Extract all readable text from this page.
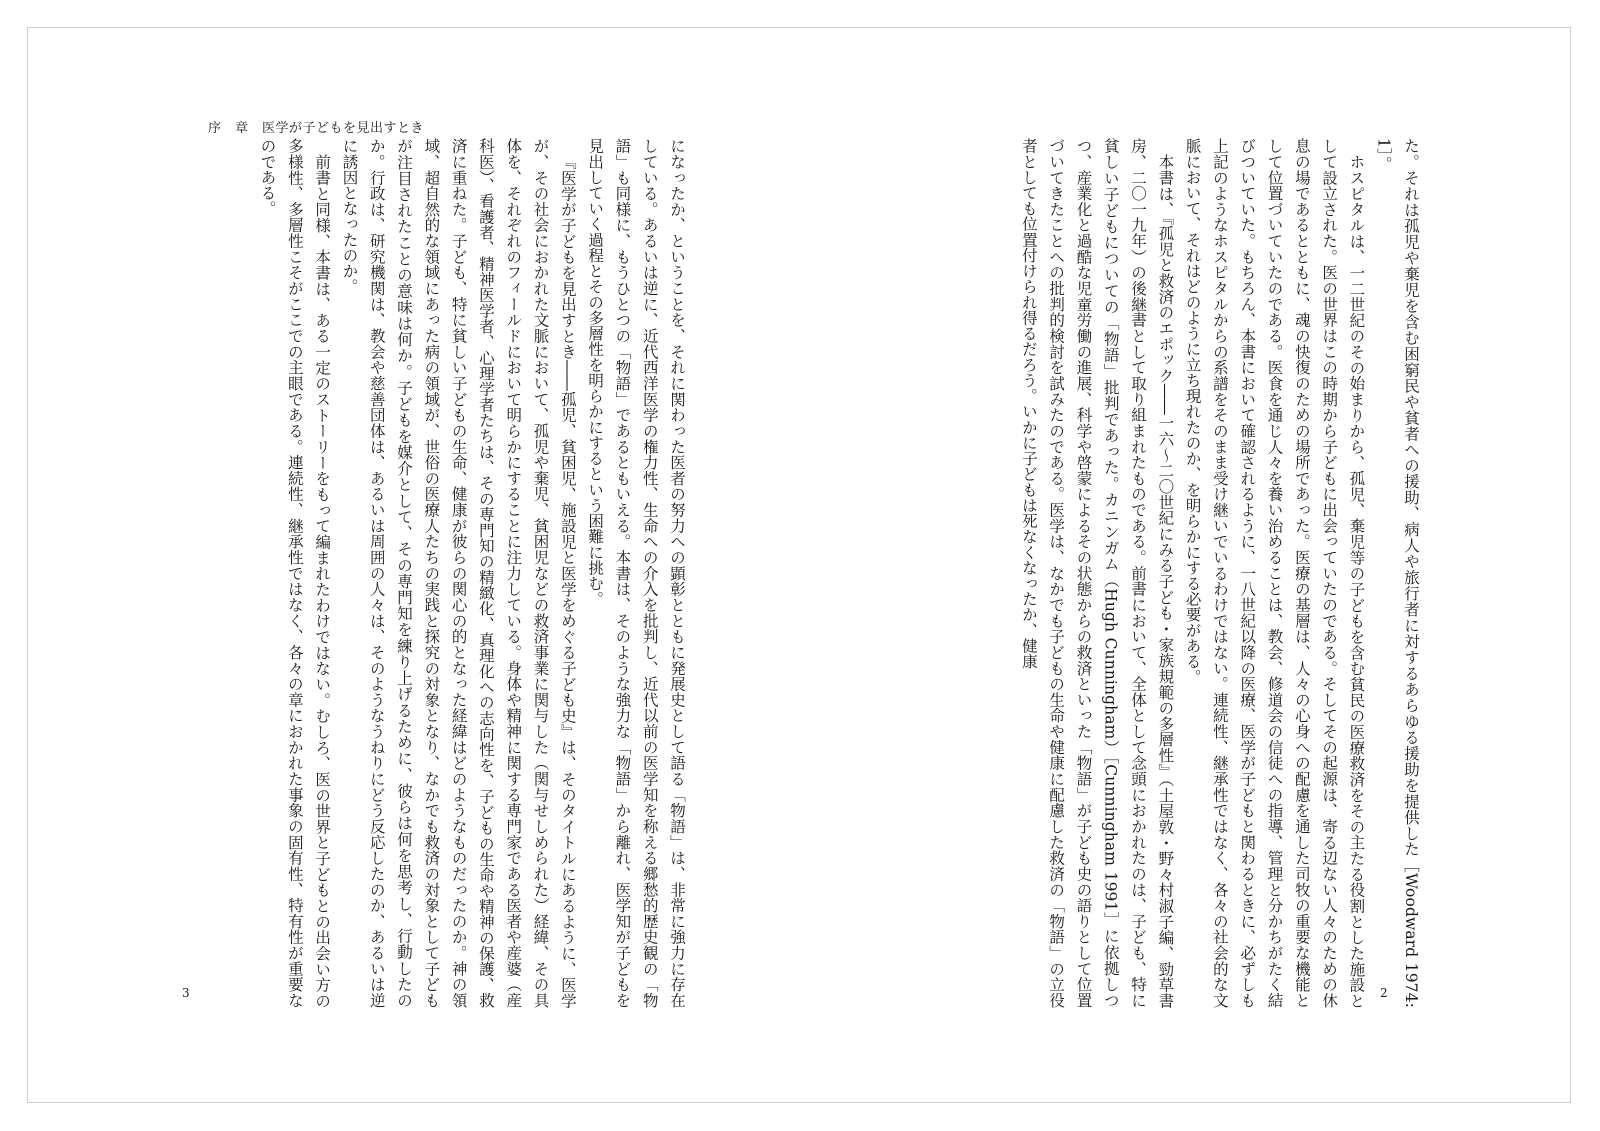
序　章　医学が子どもを見出すとき

になったか、ということを、それに関わった医者の努力への顕彰とともに発展史として語る「物語」は、非常に強力に存在している。あるいは逆に、近代西洋医学の権力性、生命への介入を批判し、近代以前の医学知を称える郷愁的歴史観の「物語」も同様に、もうひとつの「物語」であるともいえる。本書は、そのような強力な「物語」から離れ、医学知が子どもを見出していく過程とその多層性を明らかにするという困難に挑む。

『医学が子どもを見出すとき――孤児、貧困児、施設児と医学をめぐる子ども史』は、そのタイトルにあるように、医学が、その社会におかれた文脈において、孤児や棄児、貧困児などの救済事業に関与した（関与せしめられた）経緯、その具体を、それぞれのフィールドにおいて明らかにすることに注力している。身体や精神に関する専門家である医者や産婆（産科医）、看護者、精神医学者、心理学者たちは、その専門知の精緻化、真理化への志向性を、子どもの生命や精神の保護、救済に重ねた。子ども、特に貧しい子どもの生命、健康が彼らの関心の的となった経緯はどのようなものだったのか。神の領域、超自然的な領域にあった病の領域が、世俗の医療人たちの実践と探究の対象となり、なかでも救済の対象として子どもが注目されたことの意味は何か。子どもを媒介として、その専門知を練り上げるために、彼らは何を思考し、行動したのか。行政は、研究機関は、教会や慈善団体は、あるいは周囲の人々は、そのようなうねりにどう反応したのか、あるいは逆に誘因となったのか。

前書と同様、本書は、ある一定のストーリーをもって編まれたわけではない。むしろ、医の世界と子どもとの出会い方の多様性、多層性こそがここでの主眼である。連続性、継承性ではなく、各々の章におかれた事象の固有性、特有性が重要なのである。

3	た。それは孤児や棄児を含む困窮民や貧者への援助、病人や旅行者に対するあらゆる援助を提供した［Woodward 1974: 1］。

ホスピタルは、一二世紀のその始まりから、孤児、棄児等の子どもを含む貧民の医療救済をその主たる役割とした施設として設立された。医の世界はこの時期から子どもに出会っていたのである。そしてその起源は、寄る辺ない人々のための休息の場であるとともに、魂の快復のための場所であった。医療の基層は、人々の心身への配慮を通した司牧の重要な機能として位置づいていたのである。医食を通じ人々を養い治めることは、教会、修道会の信徒への指導、管理と分かちがたく結びついていた。もちろん、本書において確認されるように、一八世紀以降の医療、医学が子どもと関わるときに、必ずしも上記のようなホスピタルからの系譜をそのまま受け継いでいるわけではない。連続性、継承性ではなく、各々の社会的な文脈において、それはどのように立ち現れたのか、を明らかにする必要がある。

本書は、『孤児と救済のエポック――一六〜二〇世紀にみる子ども・家族規範の多層性』（土屋敦・野々村淑子編、勁草書房、二〇一九年）の後継書として取り組まれたものである。前書において、全体として念頭におかれたのは、子ども、特に貧しい子どもについての「物語」批判であった。カニンガム（Hugh Cunningham）［Cunningham 1991］に依拠しつつ、産業化と過酷な児童労働の進展、科学や啓蒙によるその状態からの救済といった「物語」が子ども史の語りとして位置づいてきたことへの批判的検討を試みたのである。医学は、なかでも子どもの生命や健康に配慮した救済の「物語」の立役者としても位置付けられ得るだろう。いかに子どもは死なくなったか、健康

2
